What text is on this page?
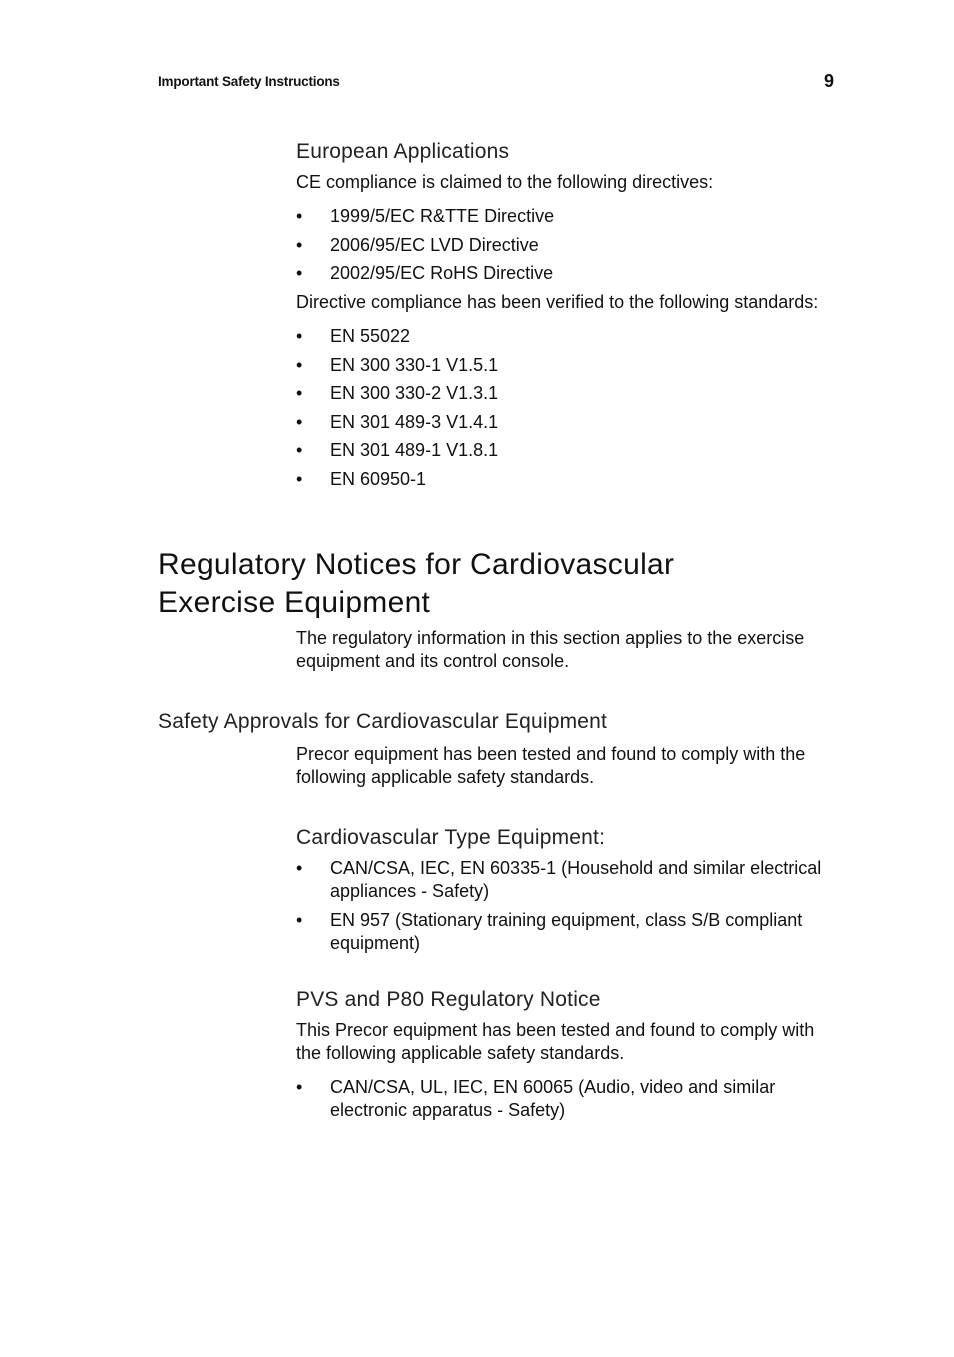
Important Safety Instructions	9
European Applications

CE compliance is claimed to the following directives:

• 1999/5/EC R&TTE Directive
• 2006/95/EC LVD Directive
• 2002/95/EC RoHS Directive

Directive compliance has been verified to the following standards:

• EN 55022
• EN 300 330-1 V1.5.1
• EN 300 330-2 V1.3.1
• EN 301 489-3 V1.4.1
• EN 301 489-1 V1.8.1
• EN 60950-1
Regulatory Notices for Cardiovascular
Exercise Equipment

The regulatory information in this section applies to the exercise equipment and its control console.

Safety Approvals for Cardiovascular Equipment

Precor equipment has been tested and found to comply with the following applicable safety standards.

Cardiovascular Type Equipment:
• CAN/CSA, IEC, EN 60335-1 (Household and similar electrical appliances - Safety)
• EN 957 (Stationary training equipment, class S/B compliant equipment)
PVS and P80 Regulatory Notice

This Precor equipment has been tested and found to comply with the following applicable safety standards.

• CAN/CSA, UL, IEC, EN 60065 (Audio, video and similar electronic apparatus - Safety)
